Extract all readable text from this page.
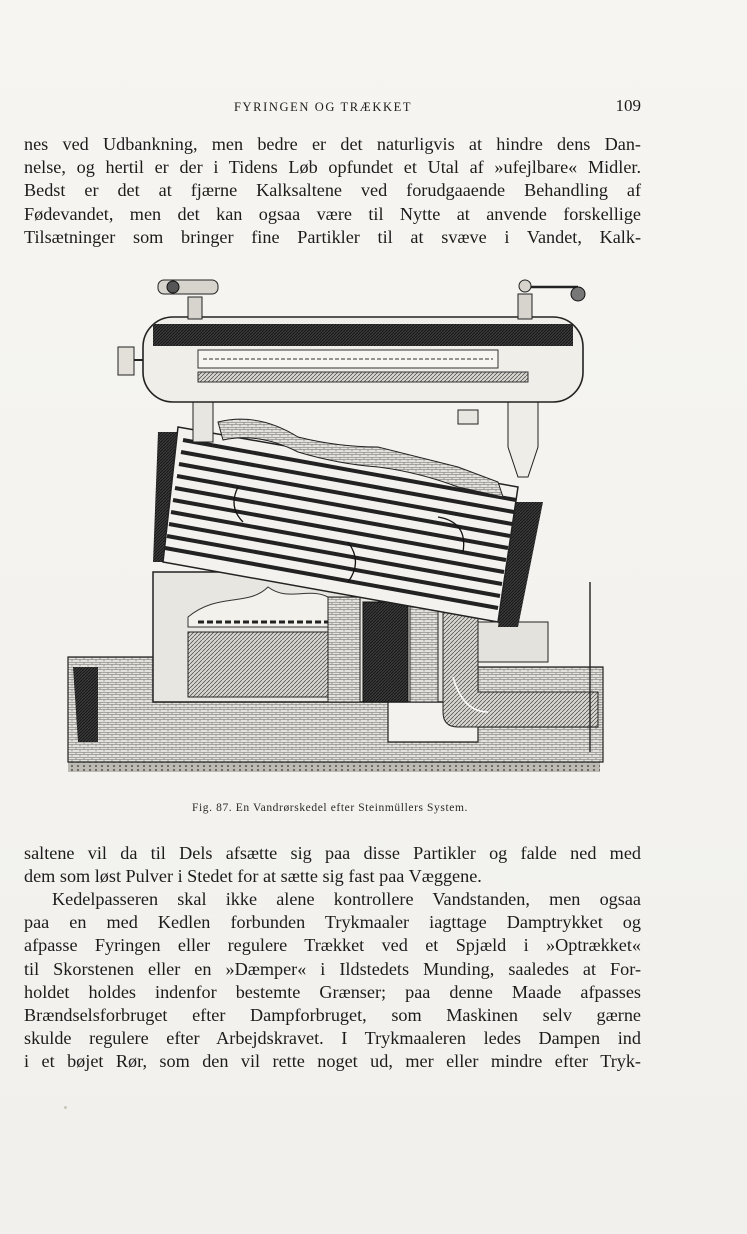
FYRINGEN OG TRÆKKET	109
nes ved Udbankning, men bedre er det naturligvis at hindre dens Dan-
nelse, og hertil er der i Tidens Løb opfundet et Utal af »ufejlbare« Midler.
Bedst er det at fjærne Kalksaltene ved forudgaaende Behandling af
Fødevandet, men det kan ogsaa være til Nytte at anvende forskellige
Tilsætninger som bringer fine Partikler til at svæve i Vandet, Kalk-
Fig. 87. En Vandrørskedel efter Steinmüllers System.
saltene vil da til Dels afsætte sig paa disse Partikler og falde ned med
dem som løst Pulver i Stedet for at sætte sig fast paa Væggene.
Kedelpasseren skal ikke alene kontrollere Vandstanden, men ogsaa
paa en med Kedlen forbunden Trykmaaler iagttage Damptrykket og
afpasse Fyringen eller regulere Trækket ved et Spjæld i »Optrækket«
til Skorstenen eller en »Dæmper« i Ildstedets Munding, saaledes at For-
holdet holdes indenfor bestemte Grænser; paa denne Maade afpasses
Brændselsforbruget efter Dampforbruget, som Maskinen selv gærne
skulde regulere efter Arbejdskravet. I Trykmaaleren ledes Dampen ind
i et bøjet Rør, som den vil rette noget ud, mer eller mindre efter Tryk-
